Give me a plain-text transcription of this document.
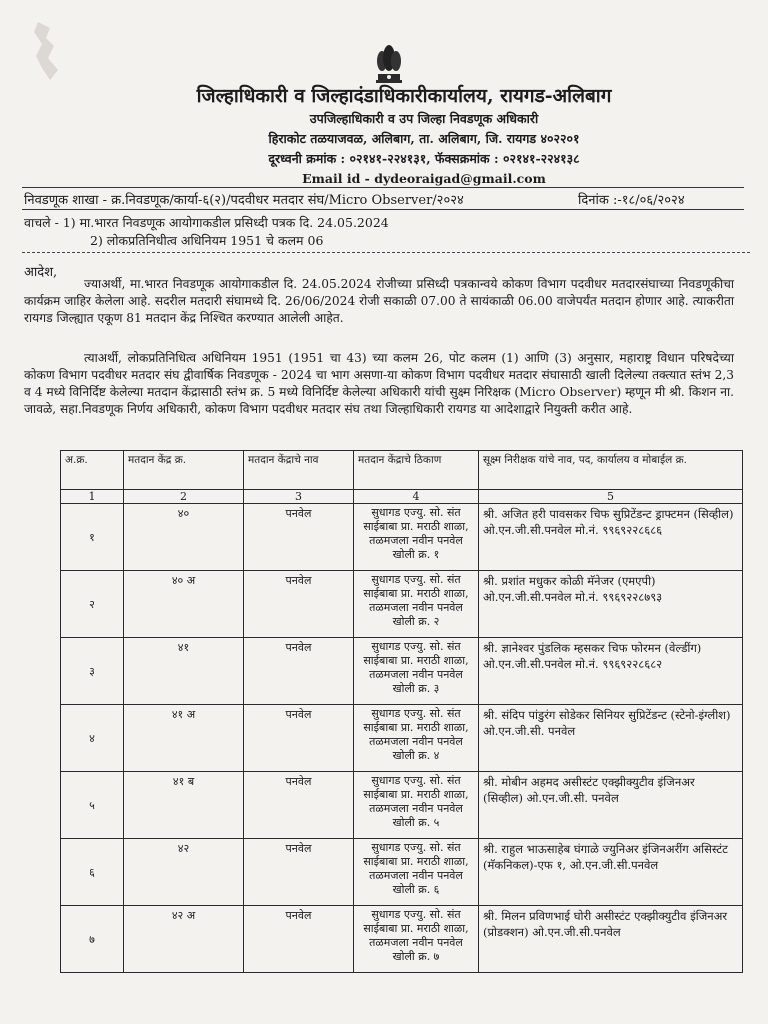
जिल्हाधिकारी व जिल्हादंडाधिकारीकार्यालय, रायगड-अलिबाग
उपजिल्हाधिकारी व उप जिल्हा निवडणूक अधिकारी
हिराकोट तळयाजवळ, अलिबाग, ता. अलिबाग, जि. रायगड ४०२२०१
दूरध्वनी क्रमांक : ०२१४१-२२४१३१, फॅक्सक्रमांक : ०२१४१-२२४१३८
Email id - dydeoraigad@gmail.com
निवडणूक शाखा - क्र.निवडणूक/कार्या-६(२)/पदवीधर मतदार संघ/Micro Observer/२०२४	दिनांक :-१८/०६/२०२४
वाचले - 1) मा.भारत निवडणूक आयोगाकडील प्रसिध्दी पत्रक दि. 24.05.2024
2) लोकप्रतिनिधीत्व अधिनियम 1951 चे कलम 06
आदेश,
ज्याअर्थी, मा.भारत निवडणूक आयोगाकडील दि. 24.05.2024 रोजीच्या प्रसिध्दी पत्रकान्वये कोकण विभाग पदवीधर मतदारसंघाच्या निवडणूकीचा कार्यक्रम जाहिर केलेला आहे. सदरील मतदारी संघामध्ये दि. 26/06/2024 रोजी सकाळी 07.00 ते सायंकाळी 06.00 वाजेपर्यंत मतदान होणार आहे. त्याकरीता रायगड जिल्ह्यात एकूण 81 मतदान केंद्र निश्चित करण्यात आलेली आहेत.
त्याअर्थी, लोकप्रतिनिधित्व अधिनियम 1951 (1951 चा 43) च्या कलम 26, पोट कलम (1) आणि (3) अनुसार, महाराष्ट्र विधान परिषदेच्या कोकण विभाग पदवीधर मतदार संघ द्वीवार्षिक निवडणूक - 2024 चा भाग असणा-या कोकण विभाग पदवीधर मतदार संघासाठी खाली दिलेल्या तक्त्यात स्तंभ 2,3 व 4 मध्ये विनिर्दिष्ट केलेल्या मतदान केंद्रासाठी स्तंभ क्र. 5 मध्ये विनिर्दिष्ट केलेल्या अधिकारी यांची सुक्ष्म निरिक्षक (Micro Observer) म्हणून मी श्री. किशन ना. जावळे, सहा.निवडणूक निर्णय अधिकारी, कोकण विभाग पदवीधर मतदार संघ तथा जिल्हाधिकारी रायगड या आदेशाद्वारे नियुक्ती करीत आहे.
अ.क्र.	मतदान केंद्र क्र.	मतदान केंद्राचे नाव	मतदान केंद्राचे ठिकाण	सूक्ष्म निरीक्षक यांचे नाव, पद, कार्यालय व मोबाईल क्र.
1	2	3	4	5
१	४०	पनवेल	सुधागड एज्यु. सो. संत साईबाबा प्रा. मराठी शाळा, तळमजला नवीन पनवेल खोली क्र. १	श्री. अजित हरी पावसकर चिफ सुप्रिटेंडन्ट ड्राफ्टमन (सिव्हील) ओ.एन.जी.सी.पनवेल मो.नं. ९९६९२२८६८६
२	४० अ	पनवेल	सुधागड एज्यु. सो. संत साईबाबा प्रा. मराठी शाळा, तळमजला नवीन पनवेल खोली क्र. २	श्री. प्रशांत मधुकर कोळी मॅनेजर (एमएपी) ओ.एन.जी.सी.पनवेल मो.नं. ९९६९२२८७९३
३	४१	पनवेल	सुधागड एज्यु. सो. संत साईबाबा प्रा. मराठी शाळा, तळमजला नवीन पनवेल खोली क्र. ३	श्री. ज्ञानेश्वर पुंडलिक म्हसकर चिफ फोरमन (वेल्डींग) ओ.एन.जी.सी.पनवेल मो.नं. ९९६९२२८६८२
४	४१ अ	पनवेल	सुधागड एज्यु. सो. संत साईबाबा प्रा. मराठी शाळा, तळमजला नवीन पनवेल खोली क्र. ४	श्री. संदिप पांडुरंग सोडेकर सिनियर सुप्रिटेंडन्ट (स्टेनो-इंग्लीश) ओ.एन.जी.सी. पनवेल
५	४१ ब	पनवेल	सुधागड एज्यु. सो. संत साईबाबा प्रा. मराठी शाळा, तळमजला नवीन पनवेल खोली क्र. ५	श्री. मोबीन अहमद असीस्टंट एक्झीक्युटीव इंजिनअर (सिव्हील) ओ.एन.जी.सी. पनवेल
६	४२	पनवेल	सुधागड एज्यु. सो. संत साईबाबा प्रा. मराठी शाळा, तळमजला नवीन पनवेल खोली क्र. ६	श्री. राहुल भाऊसाहेब घंगाळे ज्युनिअर इंजिनअरींग असिस्टंट (मॅकनिकल)-एफ १, ओ.एन.जी.सी.पनवेल
७	४२ अ	पनवेल	सुधागड एज्यु. सो. संत साईबाबा प्रा. मराठी शाळा, तळमजला नवीन पनवेल खोली क्र. ७	श्री. मिलन प्रविणभाई घोरी असीस्टंट एक्झीक्युटीव इंजिनअर (प्रोडक्शन) ओ.एन.जी.सी.पनवेल
